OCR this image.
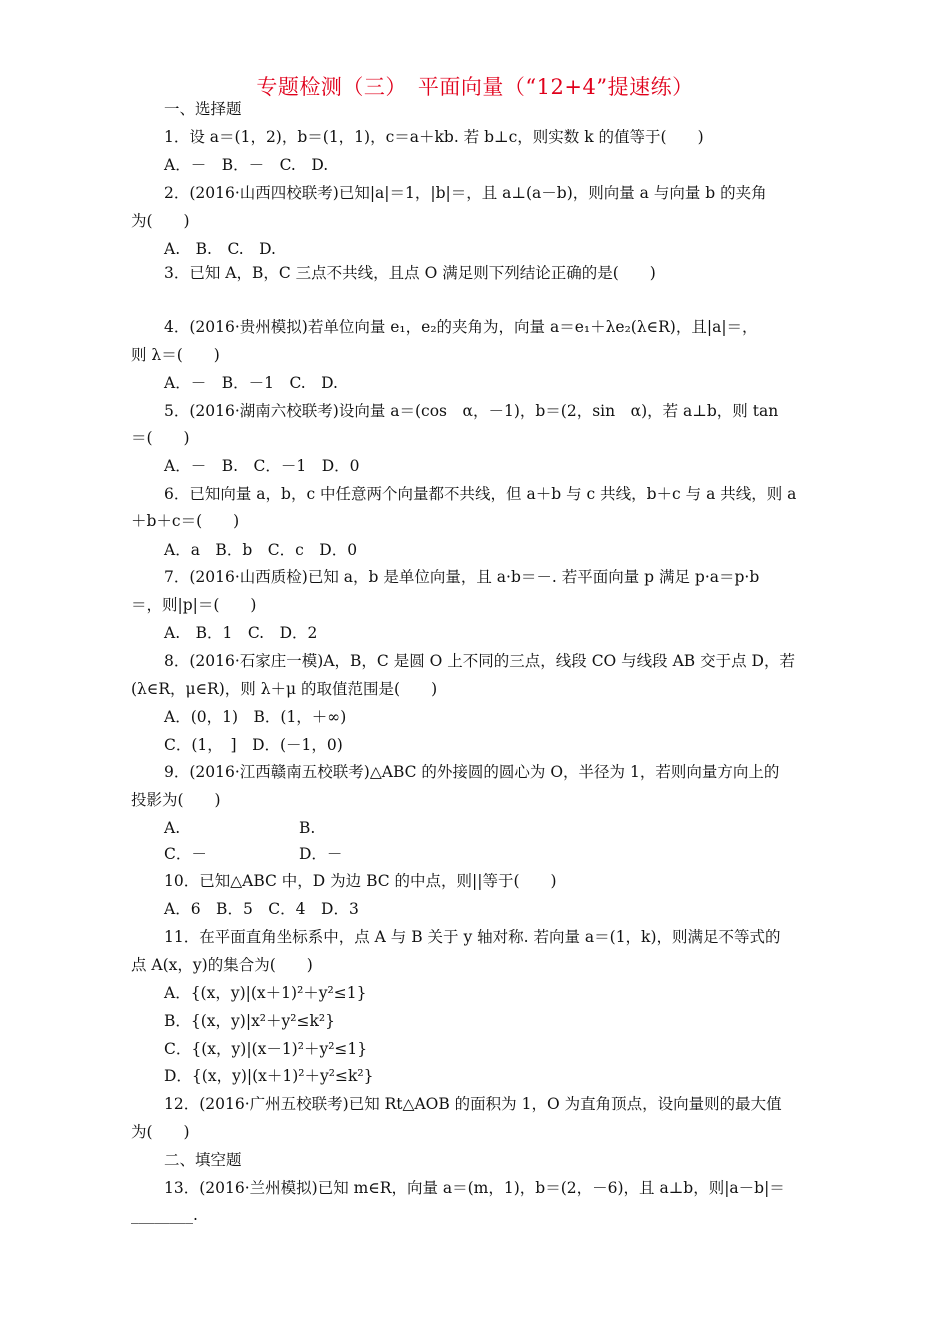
专题检测（三）　平面向量（“12+4”提速练）
一、选择题
1．设 a＝(1，2)，b＝(1，1)，c＝a＋kb. 若 b⊥c，则实数 k 的值等于(　　)
A．－　B．－　C.　D.
2．(2016·山西四校联考)已知|a|＝1，|b|＝，且 a⊥(a－b)，则向量 a 与向量 b 的夹角
为(　　)
A.　B.　C.　D.
3．已知 A，B，C 三点不共线，且点 O 满足则下列结论正确的是(　　)
4．(2016·贵州模拟)若单位向量 e₁，e₂的夹角为，向量 a＝e₁＋λe₂(λ∈R)，且|a|＝，
则 λ＝(　　)
A．－　B．－1　C.　D.
5．(2016·湖南六校联考)设向量 a＝(cos　α，－1)，b＝(2，sin　α)，若 a⊥b，则 tan
＝(　　)
A．－　B.　C．－1　D．0
6．已知向量 a，b，c 中任意两个向量都不共线，但 a＋b 与 c 共线，b＋c 与 a 共线，则 a
＋b＋c＝(　　)
A．a　B．b　C．c　D．0
7．(2016·山西质检)已知 a，b 是单位向量，且 a·b＝－. 若平面向量 p 满足 p·a＝p·b
＝，则|p|＝(　　)
A.　B．1　C.　D．2
8．(2016·石家庄一模)A，B，C 是圆 O 上不同的三点，线段 CO 与线段 AB 交于点 D，若
(λ∈R，μ∈R)，则 λ＋μ 的取值范围是(　　)
A．(0，1)　B．(1，＋∞)
C．(1，　]　D．(－1，0)
9．(2016·江西赣南五校联考)△ABC 的外接圆的圆心为 O，半径为 1，若则向量方向上的
投影为(　　)
A.	B.
C．－	D．－
10．已知△ABC 中，D 为边 BC 的中点，则||等于(　　)
A．6　B．5　C．4　D．3
11．在平面直角坐标系中，点 A 与 B 关于 y 轴对称. 若向量 a＝(1，k)，则满足不等式的
点 A(x，y)的集合为(　　)
A．{(x，y)|(x＋1)²＋y²≤1}
B．{(x，y)|x²＋y²≤k²}
C．{(x，y)|(x－1)²＋y²≤1}
D．{(x，y)|(x＋1)²＋y²≤k²}
12．(2016·广州五校联考)已知 Rt△AOB 的面积为 1，O 为直角顶点，设向量则的最大值
为(　　)
二、填空题
13．(2016·兰州模拟)已知 m∈R，向量 a＝(m，1)，b＝(2，－6)，且 a⊥b，则|a－b|＝
________.
